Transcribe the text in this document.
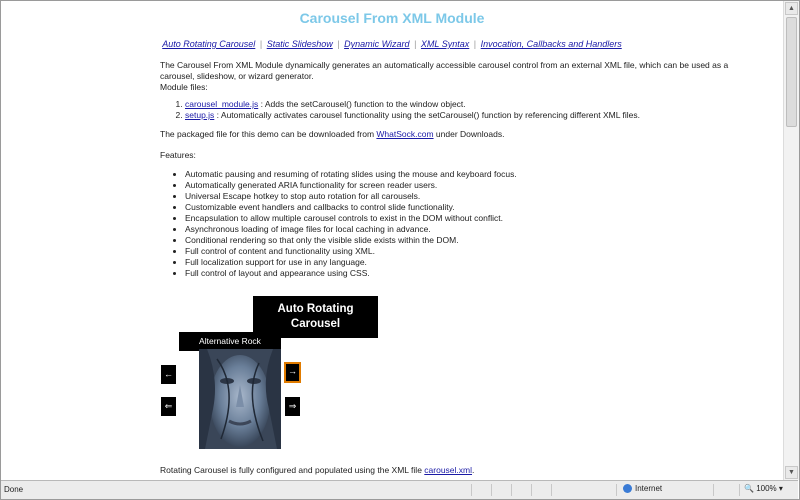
Carousel From XML Module
Auto Rotating Carousel | Static Slideshow | Dynamic Wizard | XML Syntax | Invocation, Callbacks and Handlers

The Carousel From XML Module dynamically generates an automatically accessible carousel control from an external XML file, which can be used as a
carousel, slideshow, or wizard generator.
Module files:

1. carousel_module.js : Adds the setCarousel() function to the window object.
2. setup.js : Automatically activates carousel functionality using the setCarousel() function by referencing different XML files.

The packaged file for this demo can be downloaded from WhatSock.com under Downloads.

Features:

• Automatic pausing and resuming of rotating slides using the mouse and keyboard focus.
• Automatically generated ARIA functionality for screen reader users.
• Universal Escape hotkey to stop auto rotation for all carousels.
• Customizable event handlers and callbacks to control slide functionality.
• Encapsulation to allow multiple carousel controls to exist in the DOM without conflict.
• Asynchronous loading of image files for local caching in advance.
• Conditional rendering so that only the visible slide exists within the DOM.
• Full control of content and functionality using XML.
• Full localization support for use in any language.
• Full control of layout and appearance using CSS.
Auto Rotating
Carousel
Alternative Rock
←	→
⇐	⇒
Rotating Carousel is fully configured and populated using the XML file carousel.xml.
▲
▼
Done	Internet	🔍 100% ▾
